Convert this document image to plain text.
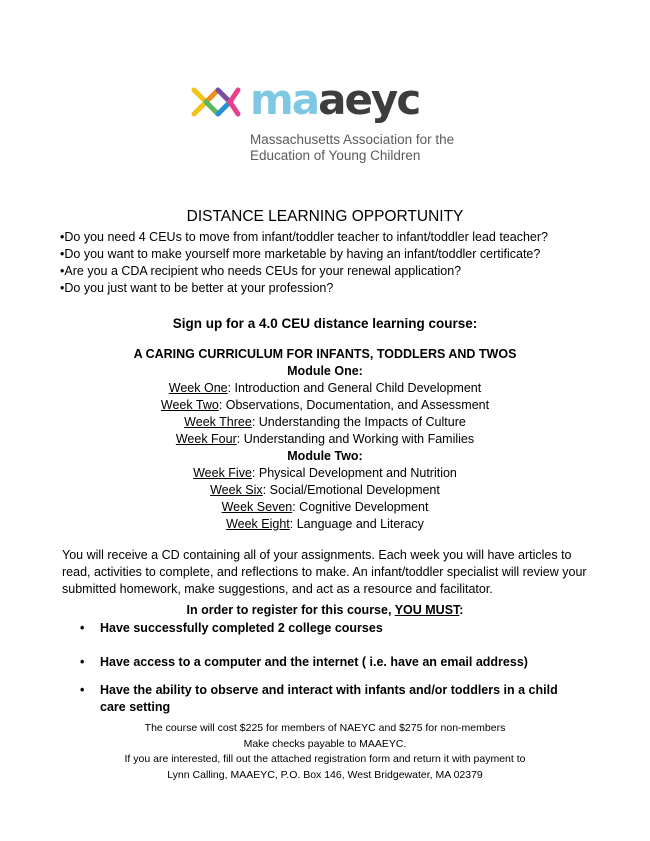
maaeyc
Massachusetts Association for the
Education of Young Children
DISTANCE LEARNING OPPORTUNITY
• Do you need 4 CEUs to move from infant/toddler teacher to infant/toddler lead teacher?
• Do you want to make yourself more marketable by having an infant/toddler certificate?
• Are you a CDA recipient who needs CEUs for your renewal application?
• Do you just want to be better at your profession?
Sign up for a 4.0 CEU distance learning course:
A CARING CURRICULUM FOR INFANTS, TODDLERS AND TWOS
Module One:
Week One: Introduction and General Child Development
Week Two: Observations, Documentation, and Assessment
Week Three: Understanding the Impacts of Culture
Week Four: Understanding and Working with Families
Module Two:
Week Five: Physical Development and Nutrition
Week Six: Social/Emotional Development
Week Seven: Cognitive Development
Week Eight: Language and Literacy
You will receive a CD containing all of your assignments. Each week you will have articles to read, activities to complete, and reflections to make. An infant/toddler specialist will review your submitted homework, make suggestions, and act as a resource and facilitator.
In order to register for this course, YOU MUST:
• Have successfully completed 2 college courses
• Have access to a computer and the internet ( i.e. have an email address)
• Have the ability to observe and interact with infants and/or toddlers in a child care setting
The course will cost $225 for members of NAEYC and $275 for non-members
Make checks payable to MAAEYC.
If you are interested, fill out the attached registration form and return it with payment to
Lynn Calling, MAAEYC, P.O. Box 146, West Bridgewater, MA 02379
